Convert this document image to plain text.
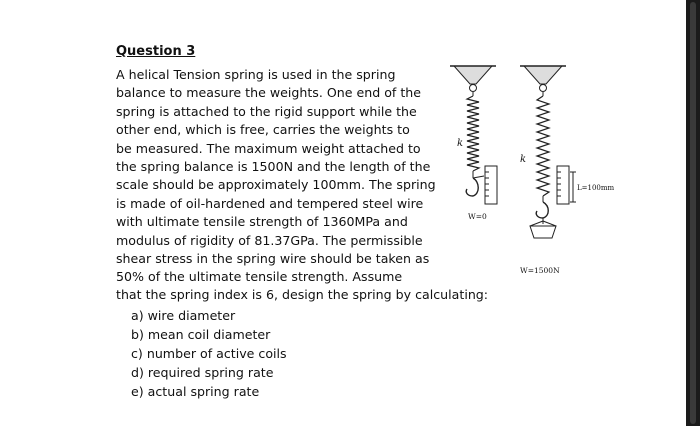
Question 3
A helical Tension spring is used in the spring
balance to measure the weights. One end of the
spring is attached to the rigid support while the
other end, which is free, carries the weights to
be measured. The maximum weight attached to
the spring balance is 1500N and the length of the
scale should be approximately 100mm. The spring
is made of oil-hardened and tempered steel wire
with ultimate tensile strength of 1360MPa and
modulus of rigidity of 81.37GPa. The permissible
shear stress in the spring wire should be taken as
50% of the ultimate tensile strength. Assume
that the spring index is 6, design the spring by calculating:
a) wire diameter
b) mean coil diameter
c) number of active coils
d) required spring rate
e) actual spring rate
k
k
W=0
W=1500N
L=100mm
